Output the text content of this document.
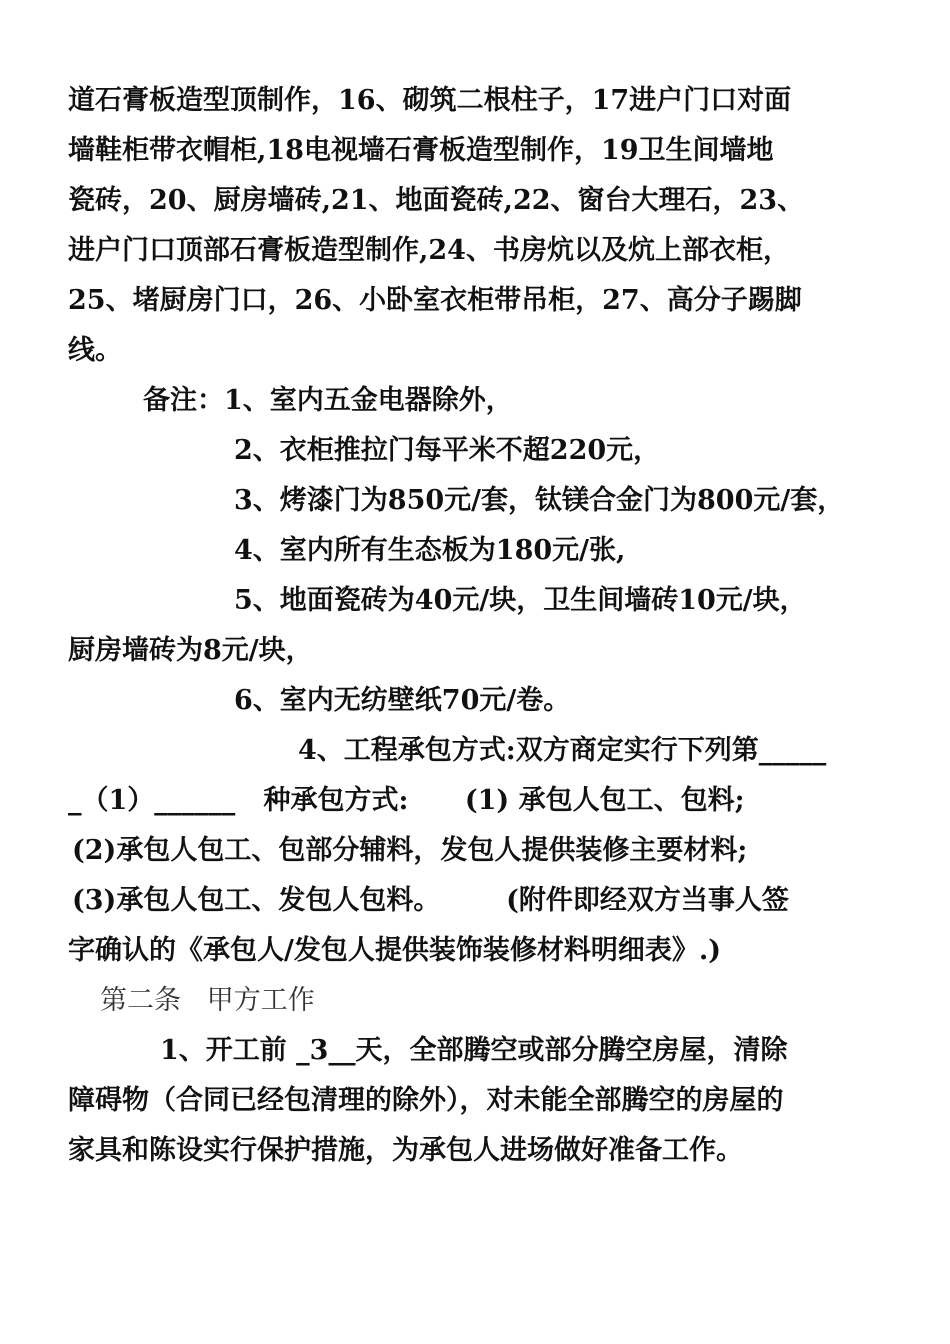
道石膏板造型顶制作，16、砌筑二根柱子，17进户门口对面
墙鞋柜带衣帽柜,18电视墙石膏板造型制作，19卫生间墙地
瓷砖，20、厨房墙砖,21、地面瓷砖,22、窗台大理石，23、
进户门口顶部石膏板造型制作,24、书房炕以及炕上部衣柜，
25、堵厨房门口，26、小卧室衣柜带吊柜，27、高分子踢脚
线。
备注：1、室内五金电器除外，
2、衣柜推拉门每平米不超220元，
3、烤漆门为850元/套，钛镁合金门为800元/套，
4、室内所有生态板为180元/张,
5、地面瓷砖为40元/块，卫生间墙砖10元/块，
厨房墙砖为8元/块，
6、室内无纺壁纸70元/卷。
4、工程承包方式:双方商定实行下列第_____
_（1）______   种承包方式:      (1) 承包人包工、包料;
(2)承包人包工、包部分辅料，发包人提供装修主要材料;
(3)承包人包工、发包人包料。       (附件即经双方当事人签
字确认的《承包人/发包人提供装饰装修材料明细表》.)
第二条   甲方工作
1、开工前 _3__天，全部腾空或部分腾空房屋，清除
障碍物（合同已经包清理的除外），对未能全部腾空的房屋的
家具和陈设实行保护措施，为承包人进场做好准备工作。
